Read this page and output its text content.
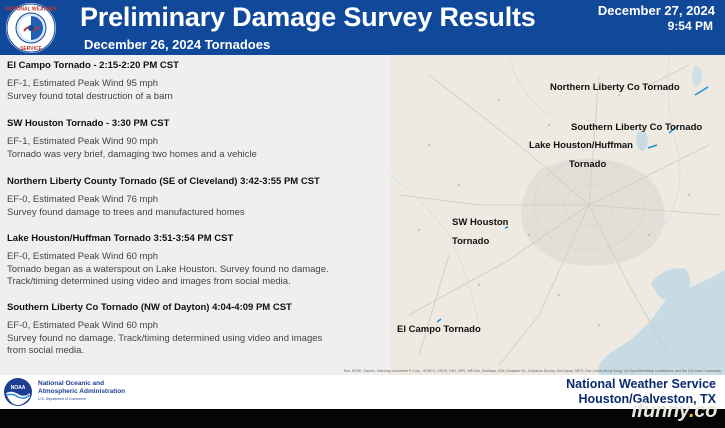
NATIONAL WEATHER
SERVICE
Preliminary Damage Survey Results
December 26, 2024 Tornadoes
December 27, 2024
9:54 PM
El Campo Tornado - 2:15-2:20 PM CST
EF-1, Estimated Peak Wind 95 mph
Survey found total destruction of a barn
SW Houston Tornado - 3:30 PM CST
EF-1, Estimated Peak Wind 90 mph
Tornado was very brief, damaging two homes and a vehicle
Northern Liberty County Tornado (SE of Cleveland) 3:42-3:55 PM CST
EF-0, Estimated Peak Wind 76 mph
Survey found damage to trees and manufactured homes
Lake Houston/Huffman Tornado 3:51-3:54 PM CST
EF-0, Estimated Peak Wind 60 mph
Tornado began as a waterspout on Lake Houston. Survey found no damage.
Track/timing determined using video and images from social media.
Southern Liberty Co Tornado (NW of Dayton) 4:04-4:09 PM CST
EF-0, Estimated Peak Wind 60 mph
Survey found no damage. Track/timing determined using video and images
from social media.
Northern Liberty Co Tornado
Southern Liberty Co Tornado
Lake Houston/Huffman
Tornado
SW Houston
Tornado
El Campo Tornado
Esri, HERE, Garmin, Intermap, increment P Corp., GEBCO, USGS, FAO, NPS, NRCAN, GeoBase, IGN, Kadaster NL, Ordnance Survey, Esri Japan, METI, Esri China (Hong Kong), (c) OpenStreetMap contributors, and the GIS User Community
NOAA
National Oceanic and
Atmospheric Administration
U.S. Department of Commerce
National Weather Service
Houston/Galveston, TX
ifunny.co
